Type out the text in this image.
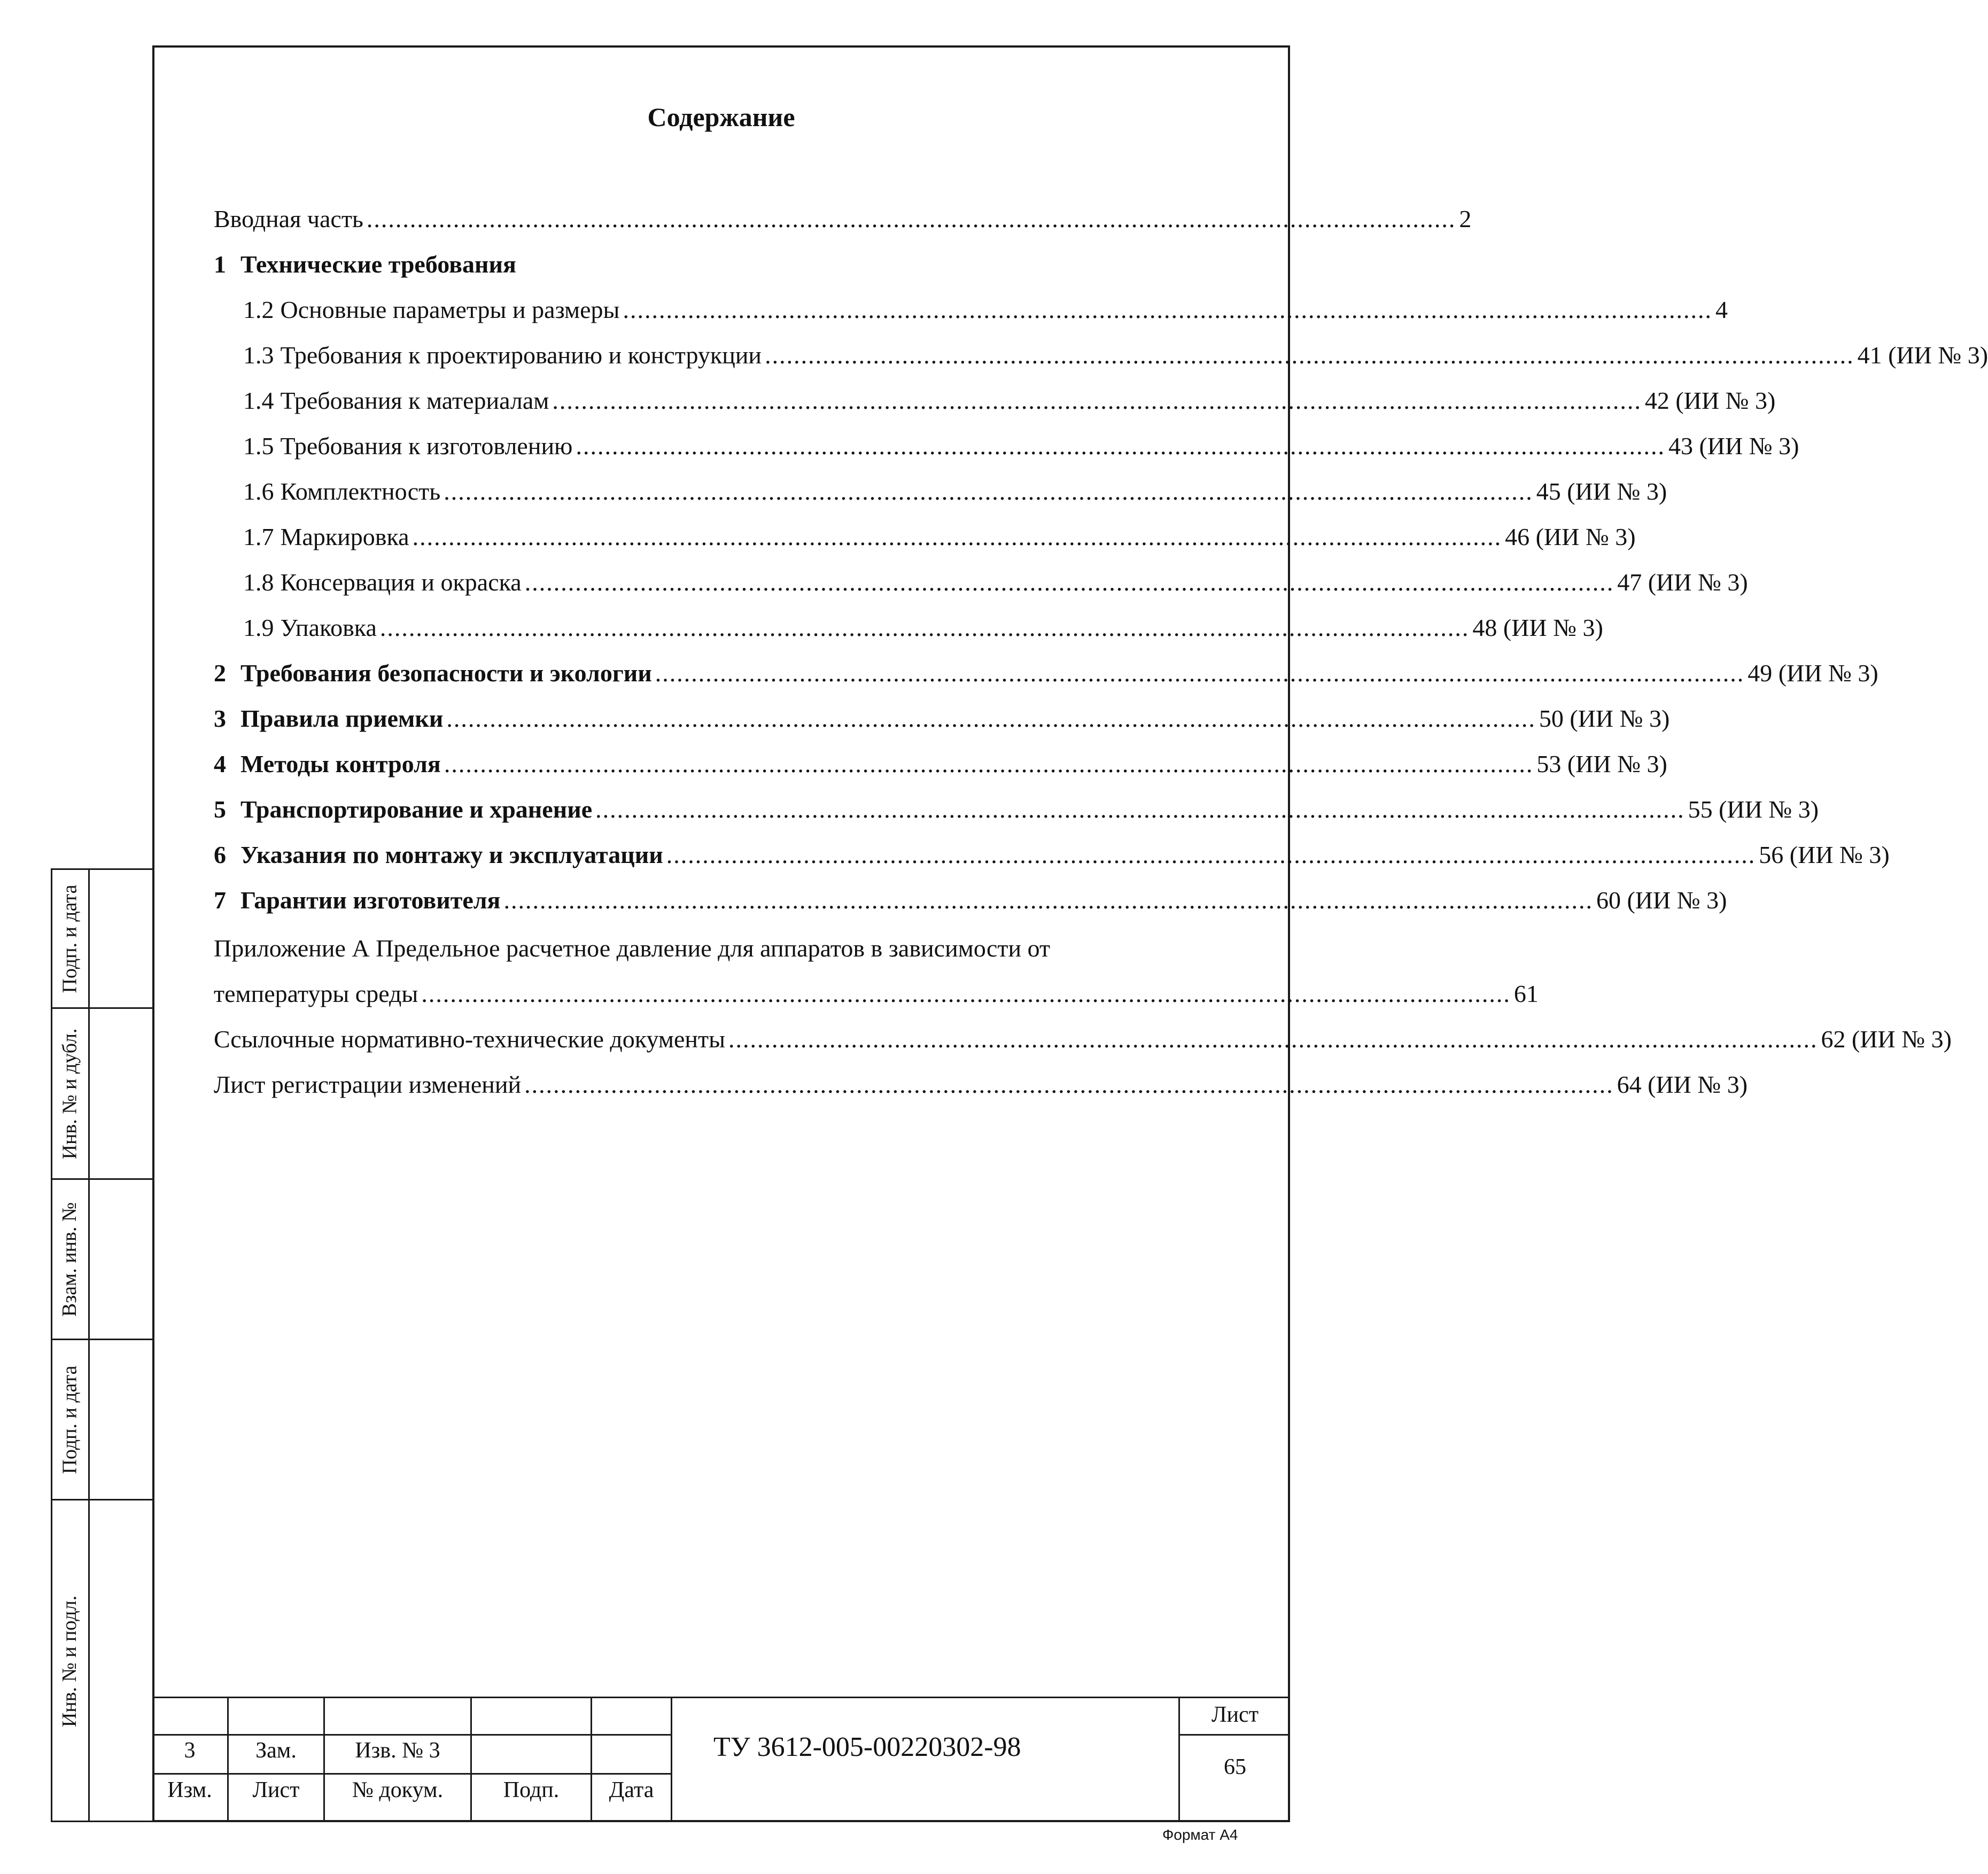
Содержание
Вводная часть ....................................................................................................................................................... 2
1 Технические требования
1.2 Основные параметры и размеры ....................................................................................................................................................... 4
1.3 Требования к проектированию и конструкции ....................................................................................................................................................... 41 (ИИ № 3)
1.4 Требования к материалам ....................................................................................................................................................... 42 (ИИ № 3)
1.5 Требования к изготовлению ....................................................................................................................................................... 43 (ИИ № 3)
1.6 Комплектность ....................................................................................................................................................... 45 (ИИ № 3)
1.7 Маркировка ....................................................................................................................................................... 46 (ИИ № 3)
1.8 Консервация и окраска ....................................................................................................................................................... 47 (ИИ № 3)
1.9 Упаковка ....................................................................................................................................................... 48 (ИИ № 3)
2 Требования безопасности и экологии ....................................................................................................................................................... 49 (ИИ № 3)
3 Правила приемки ....................................................................................................................................................... 50 (ИИ № 3)
4 Методы контроля ....................................................................................................................................................... 53 (ИИ № 3)
5 Транспортирование и хранение ....................................................................................................................................................... 55 (ИИ № 3)
6 Указания по монтажу и эксплуатации ....................................................................................................................................................... 56 (ИИ № 3)
7 Гарантии изготовителя ....................................................................................................................................................... 60 (ИИ № 3)
Приложение А Предельное расчетное давление для аппаратов в зависимости от
температуры среды ....................................................................................................................................................... 61
Ссылочные нормативно-технические документы ....................................................................................................................................................... 62 (ИИ № 3)
Лист регистрации изменений ....................................................................................................................................................... 64 (ИИ № 3)
Подп. и дата
Инв. № и дубл.
Взам. инв. №
Подп. и дата
Инв. № и подл.
3	Зам.	Изв. № 3
Изм.	Лист	№ докум.	Подп.	Дата
ТУ 3612-005-00220302-98
Лист
65
Формат А4
